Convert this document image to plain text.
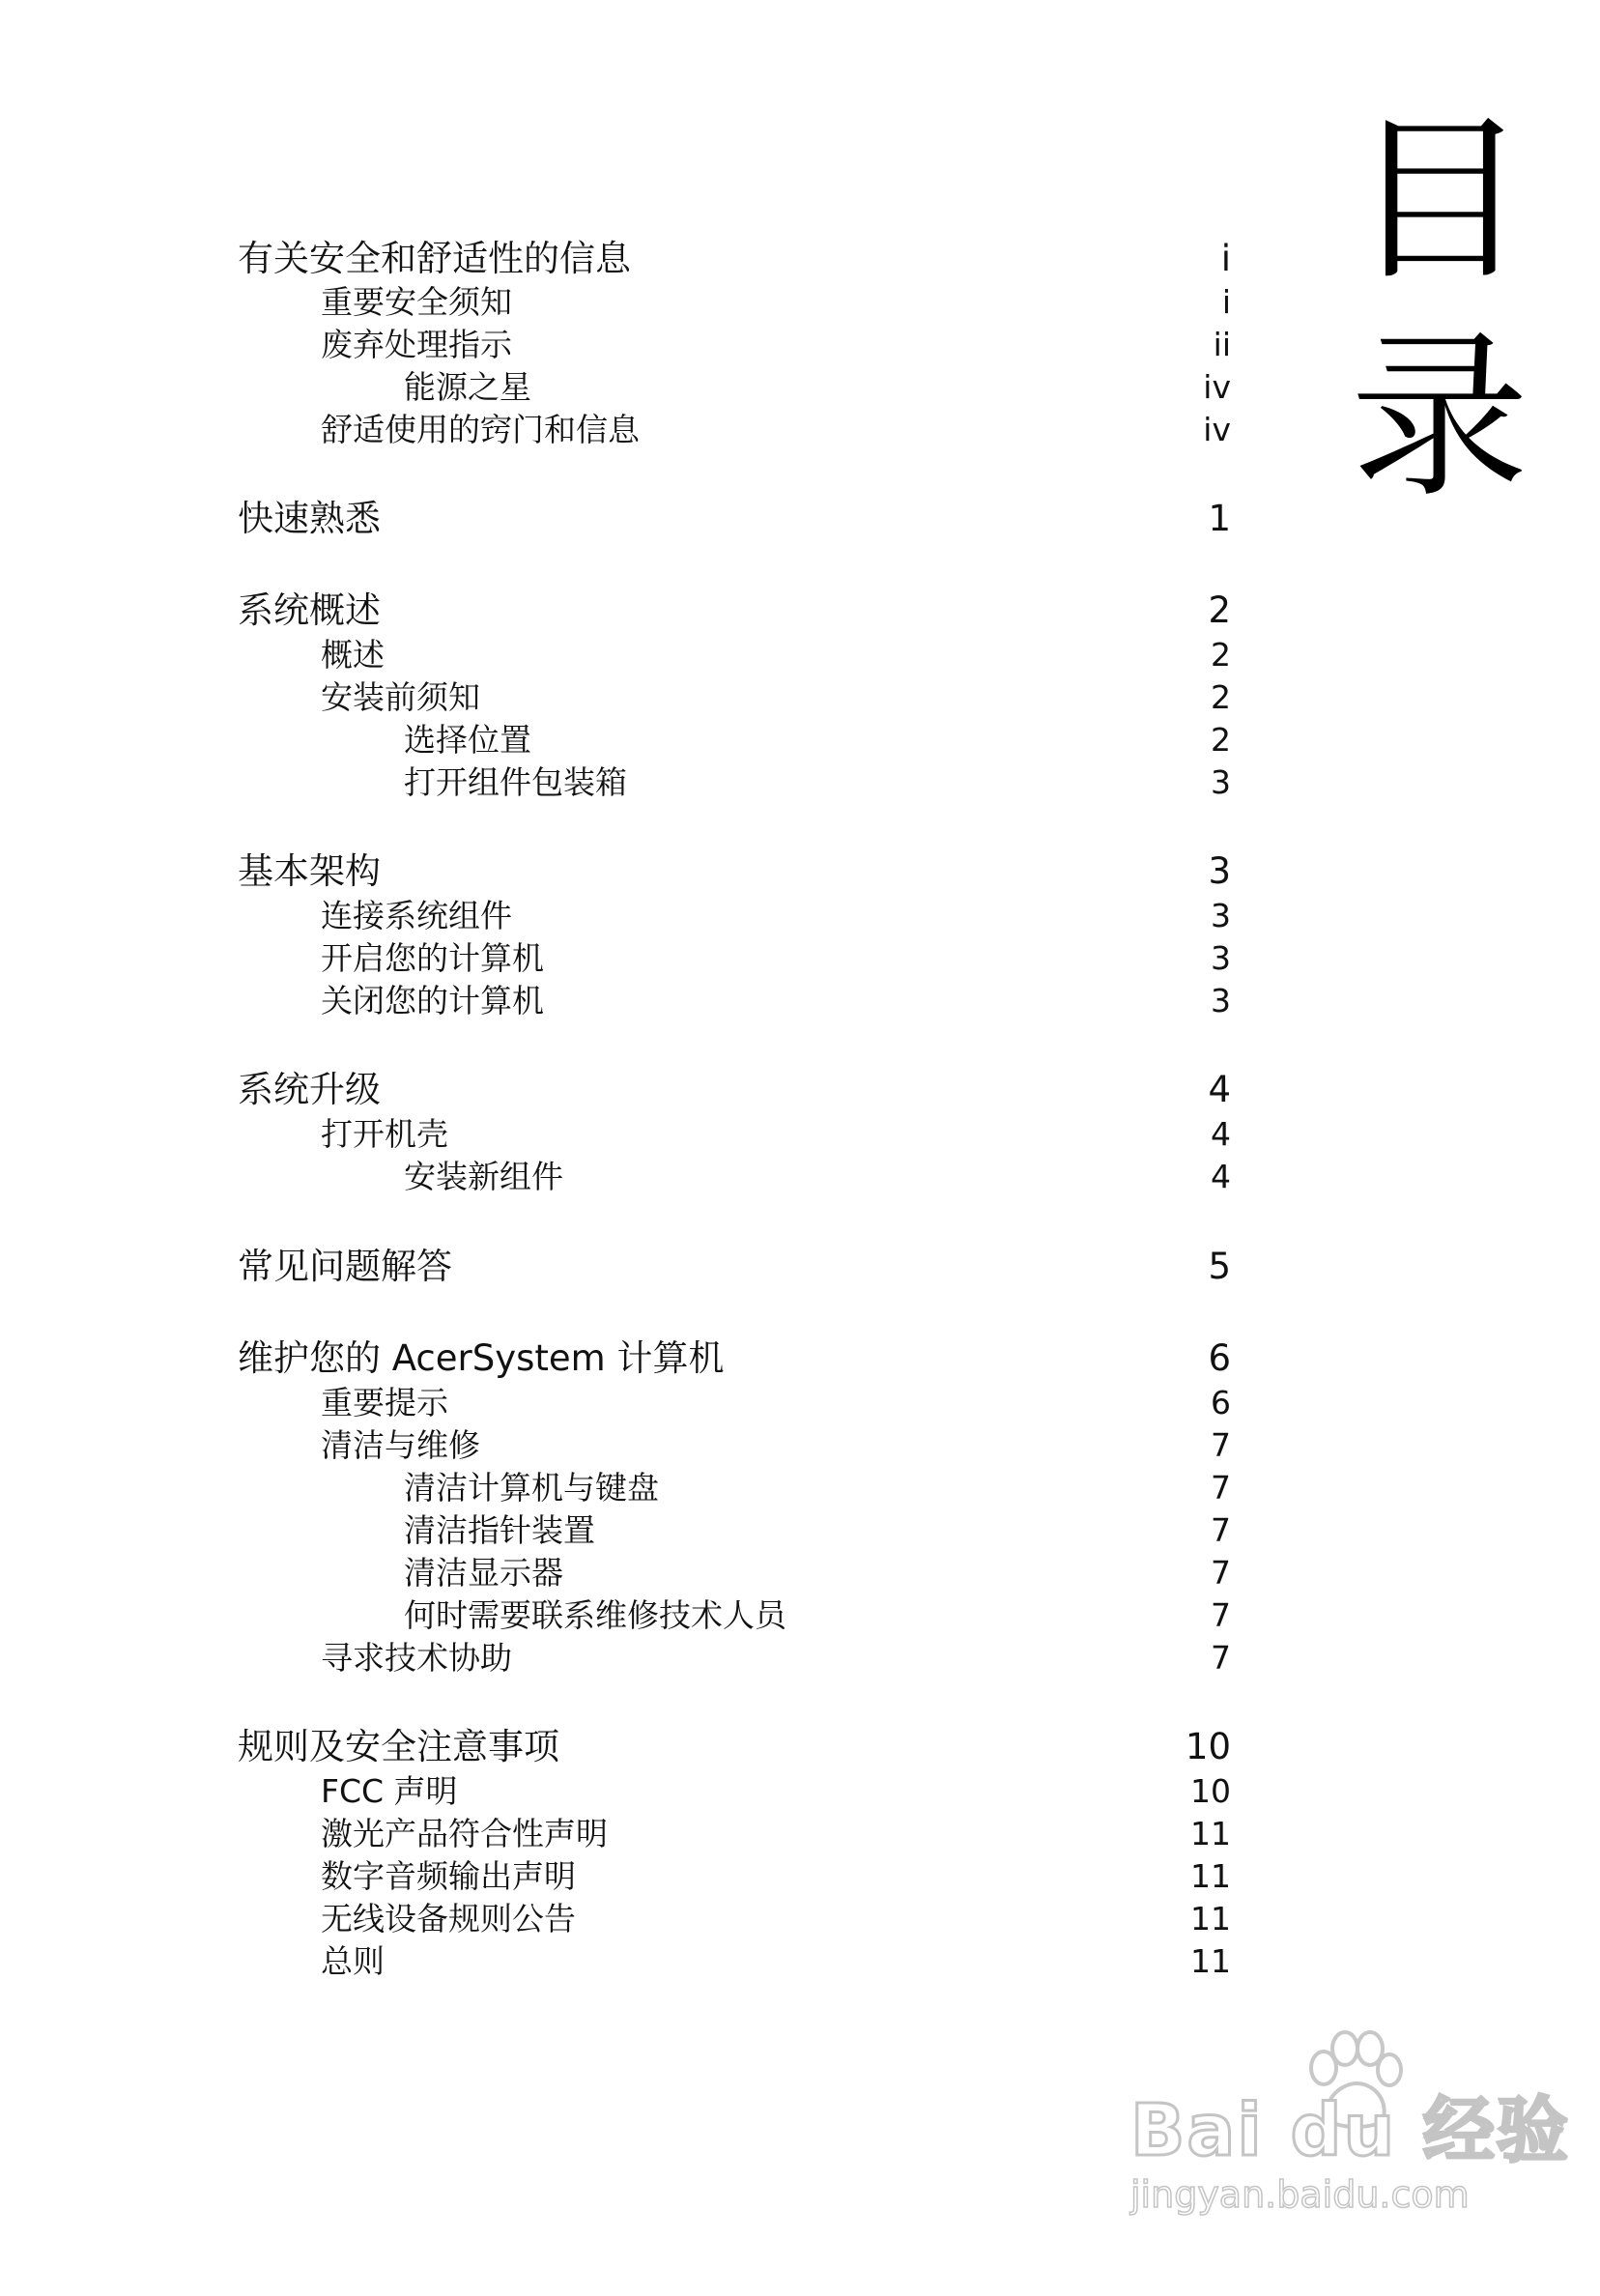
目
录
有关安全和舒适性的信息	i
重要安全须知	i
废弃处理指示	ii
能源之星	iv
舒适使用的窍门和信息	iv
快速熟悉	1
系统概述	2
概述	2
安装前须知	2
选择位置	2
打开组件包装箱	3
基本架构	3
连接系统组件	3
开启您的计算机	3
关闭您的计算机	3
系统升级	4
打开机壳	4
安装新组件	4
常见问题解答	5
维护您的 AcerSystem 计算机	6
重要提示	6
清洁与维修	7
清洁计算机与键盘	7
清洁指针装置	7
清洁显示器	7
何时需要联系维修技术人员	7
寻求技术协助	7
规则及安全注意事项	10
FCC 声明	10
激光产品符合性声明	11
数字音频输出声明	11
无线设备规则公告	11
总则	11
Bai du 经验
jingyan.baidu.com
